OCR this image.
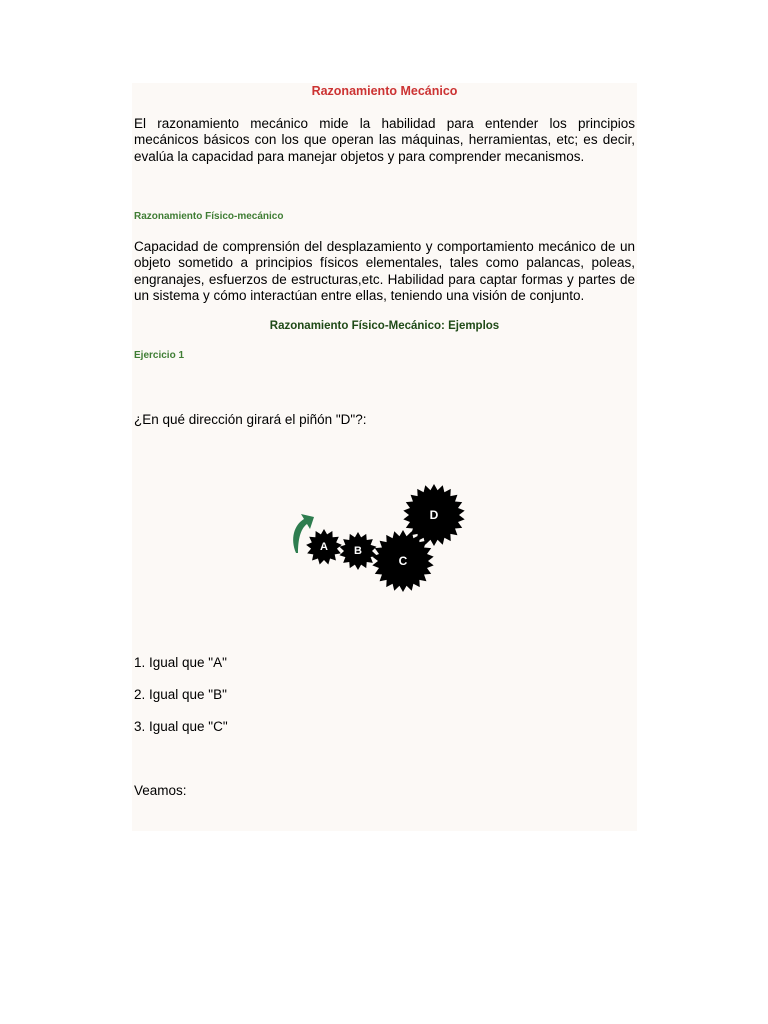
Razonamiento Mecánico

El razonamiento mecánico mide la habilidad para entender los principios mecánicos básicos con los que operan las máquinas, herramientas, etc; es decir, evalúa la capacidad para manejar objetos y para comprender mecanismos.

Razonamiento Físico-mecánico

Capacidad de comprensión del desplazamiento y comportamiento mecánico de un objeto sometido a principios físicos elementales, tales como palancas, poleas, engranajes, esfuerzos de estructuras,etc. Habilidad para captar formas y partes de un sistema y cómo interactúan entre ellas, teniendo una visión de conjunto.

Razonamiento Físico-Mecánico: Ejemplos

Ejercicio 1

¿En qué dirección girará el piñón "D"?:

D
C
B
A

1. Igual que "A"

2. Igual que "B"

3. Igual que "C"

Veamos:
